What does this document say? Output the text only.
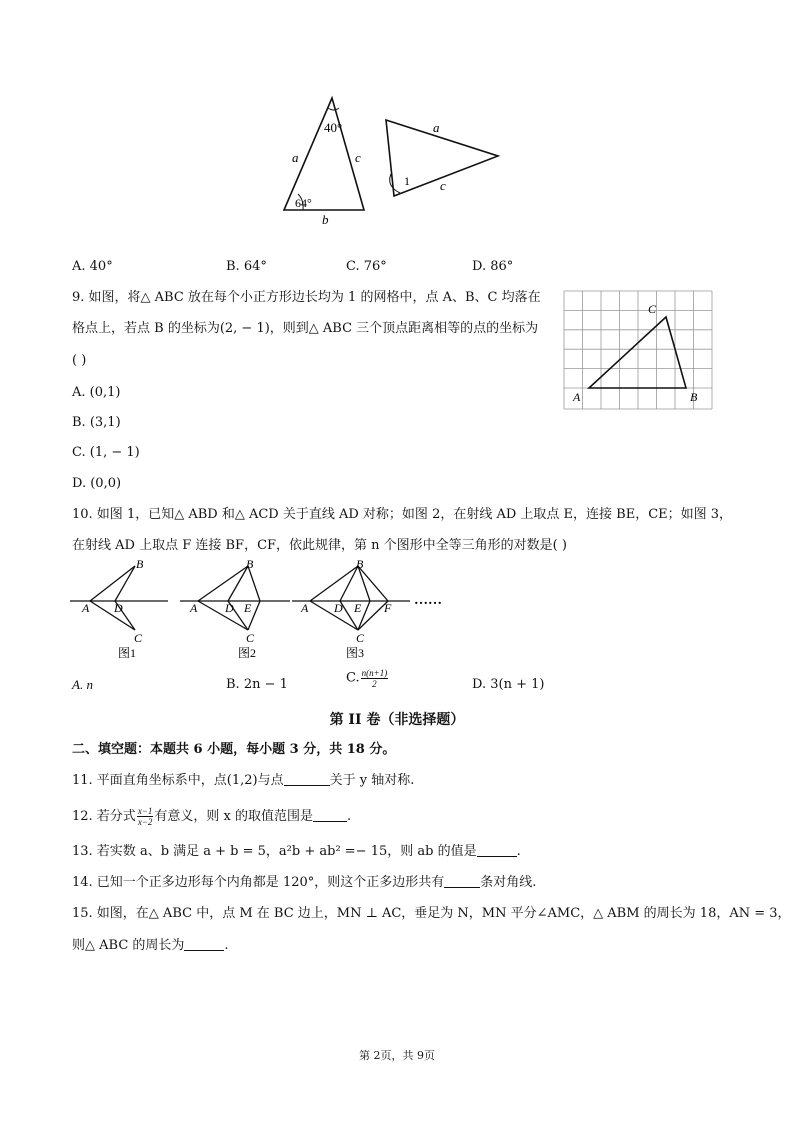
40°
64°
a
b
c
a
c
1
A. 40°	B. 64°	C. 76°	D. 86°
9. 如图，将△ ABC 放在每个小正方形边长均为 1 的网格中，点 A、B、C 均落在
格点上，若点 B 的坐标为(2, − 1)，则到△ ABC 三个顶点距离相等的点的坐标为
( )
A. (0,1)
B. (3,1)
C. (1, − 1)
D. (0,0)
A	B
C
10. 如图 1，已知△ ABD 和△ ACD 关于直线 AD 对称；如图 2，在射线 AD 上取点 E，连接 BE，CE；如图 3，
在射线 AD 上取点 F 连接 BF，CF，依此规律，第 n 个图形中全等三角形的对数是( )
A
B
D
C
图1
A
B
D E
C
图2
A
B
D E F
C
图3
……
A. n	B. 2n − 1	C. $\frac{n(n+1)}{2}$	D. 3(n + 1)
第 II 卷（非选择题）
二、填空题：本题共 6 小题，每小题 3 分，共 18 分。
11. 平面直角坐标系中，点(1,2)与点	关于 y 轴对称.
12. 若分式 $\frac{x-1}{x-2}$ 有意义，则 x 的取值范围是	.
13. 若实数 a、b 满足 a + b = 5，a²b + ab² =− 15，则 ab 的值是	.
14. 已知一个正多边形每个内角都是 120°，则这个正多边形共有	条对角线.
15. 如图，在△ ABC 中，点 M 在 BC 边上，MN ⊥ AC，垂足为 N，MN 平分∠AMC，△ ABM 的周长为 18，AN = 3，
则△ ABC 的周长为	.
第 2页，共 9页
